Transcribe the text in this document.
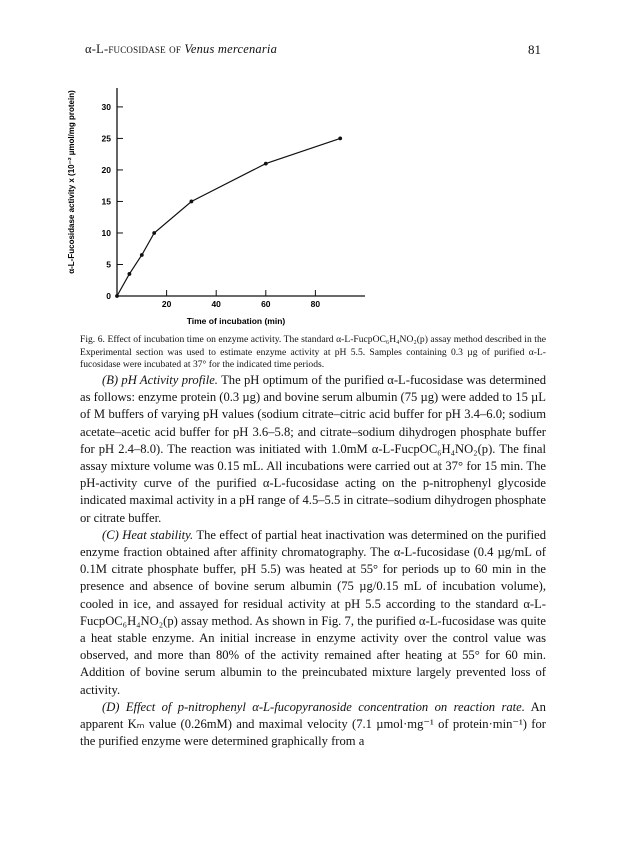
α-L-fucosidase of Venus mercenaria	81
0
5
10
15
20
25
30
20	40	60	80
Time of incubation (min)
α-L-Fucosidase activity x (10⁻² µmol/mg protein)
Fig. 6. Effect of incubation time on enzyme activity. The standard α-L-FucpOC₆H₄NO₂(p) assay method described in the Experimental section was used to estimate enzyme activity at pH 5.5. Samples containing 0.3 µg of purified α-L-fucosidase were incubated at 37° for the indicated time periods.

(B) pH Activity profile. The pH optimum of the purified α-L-fucosidase was determined as follows: enzyme protein (0.3 µg) and bovine serum albumin (75 µg) were added to 15 µL of M buffers of varying pH values (sodium citrate–citric acid buffer for pH 3.4–6.0; sodium acetate–acetic acid buffer for pH 3.6–5.8; and citrate–sodium dihydrogen phosphate buffer for pH 2.4–8.0). The reaction was initiated with 1.0mM α-L-FucpOC₆H₄NO₂(p). The final assay mixture volume was 0.15 mL. All incubations were carried out at 37° for 15 min. The pH-activity curve of the purified α-L-fucosidase acting on the p-nitrophenyl glycoside indicated maximal activity in a pH range of 4.5–5.5 in citrate–sodium dihydrogen phosphate or citrate buffer.

(C) Heat stability. The effect of partial heat inactivation was determined on the purified enzyme fraction obtained after affinity chromatography. The α-L-fucosidase (0.4 µg/mL of 0.1M citrate phosphate buffer, pH 5.5) was heated at 55° for periods up to 60 min in the presence and absence of bovine serum albumin (75 µg/0.15 mL of incubation volume), cooled in ice, and assayed for residual activity at pH 5.5 according to the standard α-L-FucpOC₆H₄NO₂(p) assay method. As shown in Fig. 7, the purified α-L-fucosidase was quite a heat stable enzyme. An initial increase in enzyme activity over the control value was observed, and more than 80% of the activity remained after heating at 55° for 60 min. Addition of bovine serum albumin to the preincubated mixture largely prevented loss of activity.

(D) Effect of p-nitrophenyl α-L-fucopyranoside concentration on reaction rate. An apparent Kₘ value (0.26mM) and maximal velocity (7.1 µmol·mg⁻¹ of protein·min⁻¹) for the purified enzyme were determined graphically from a
